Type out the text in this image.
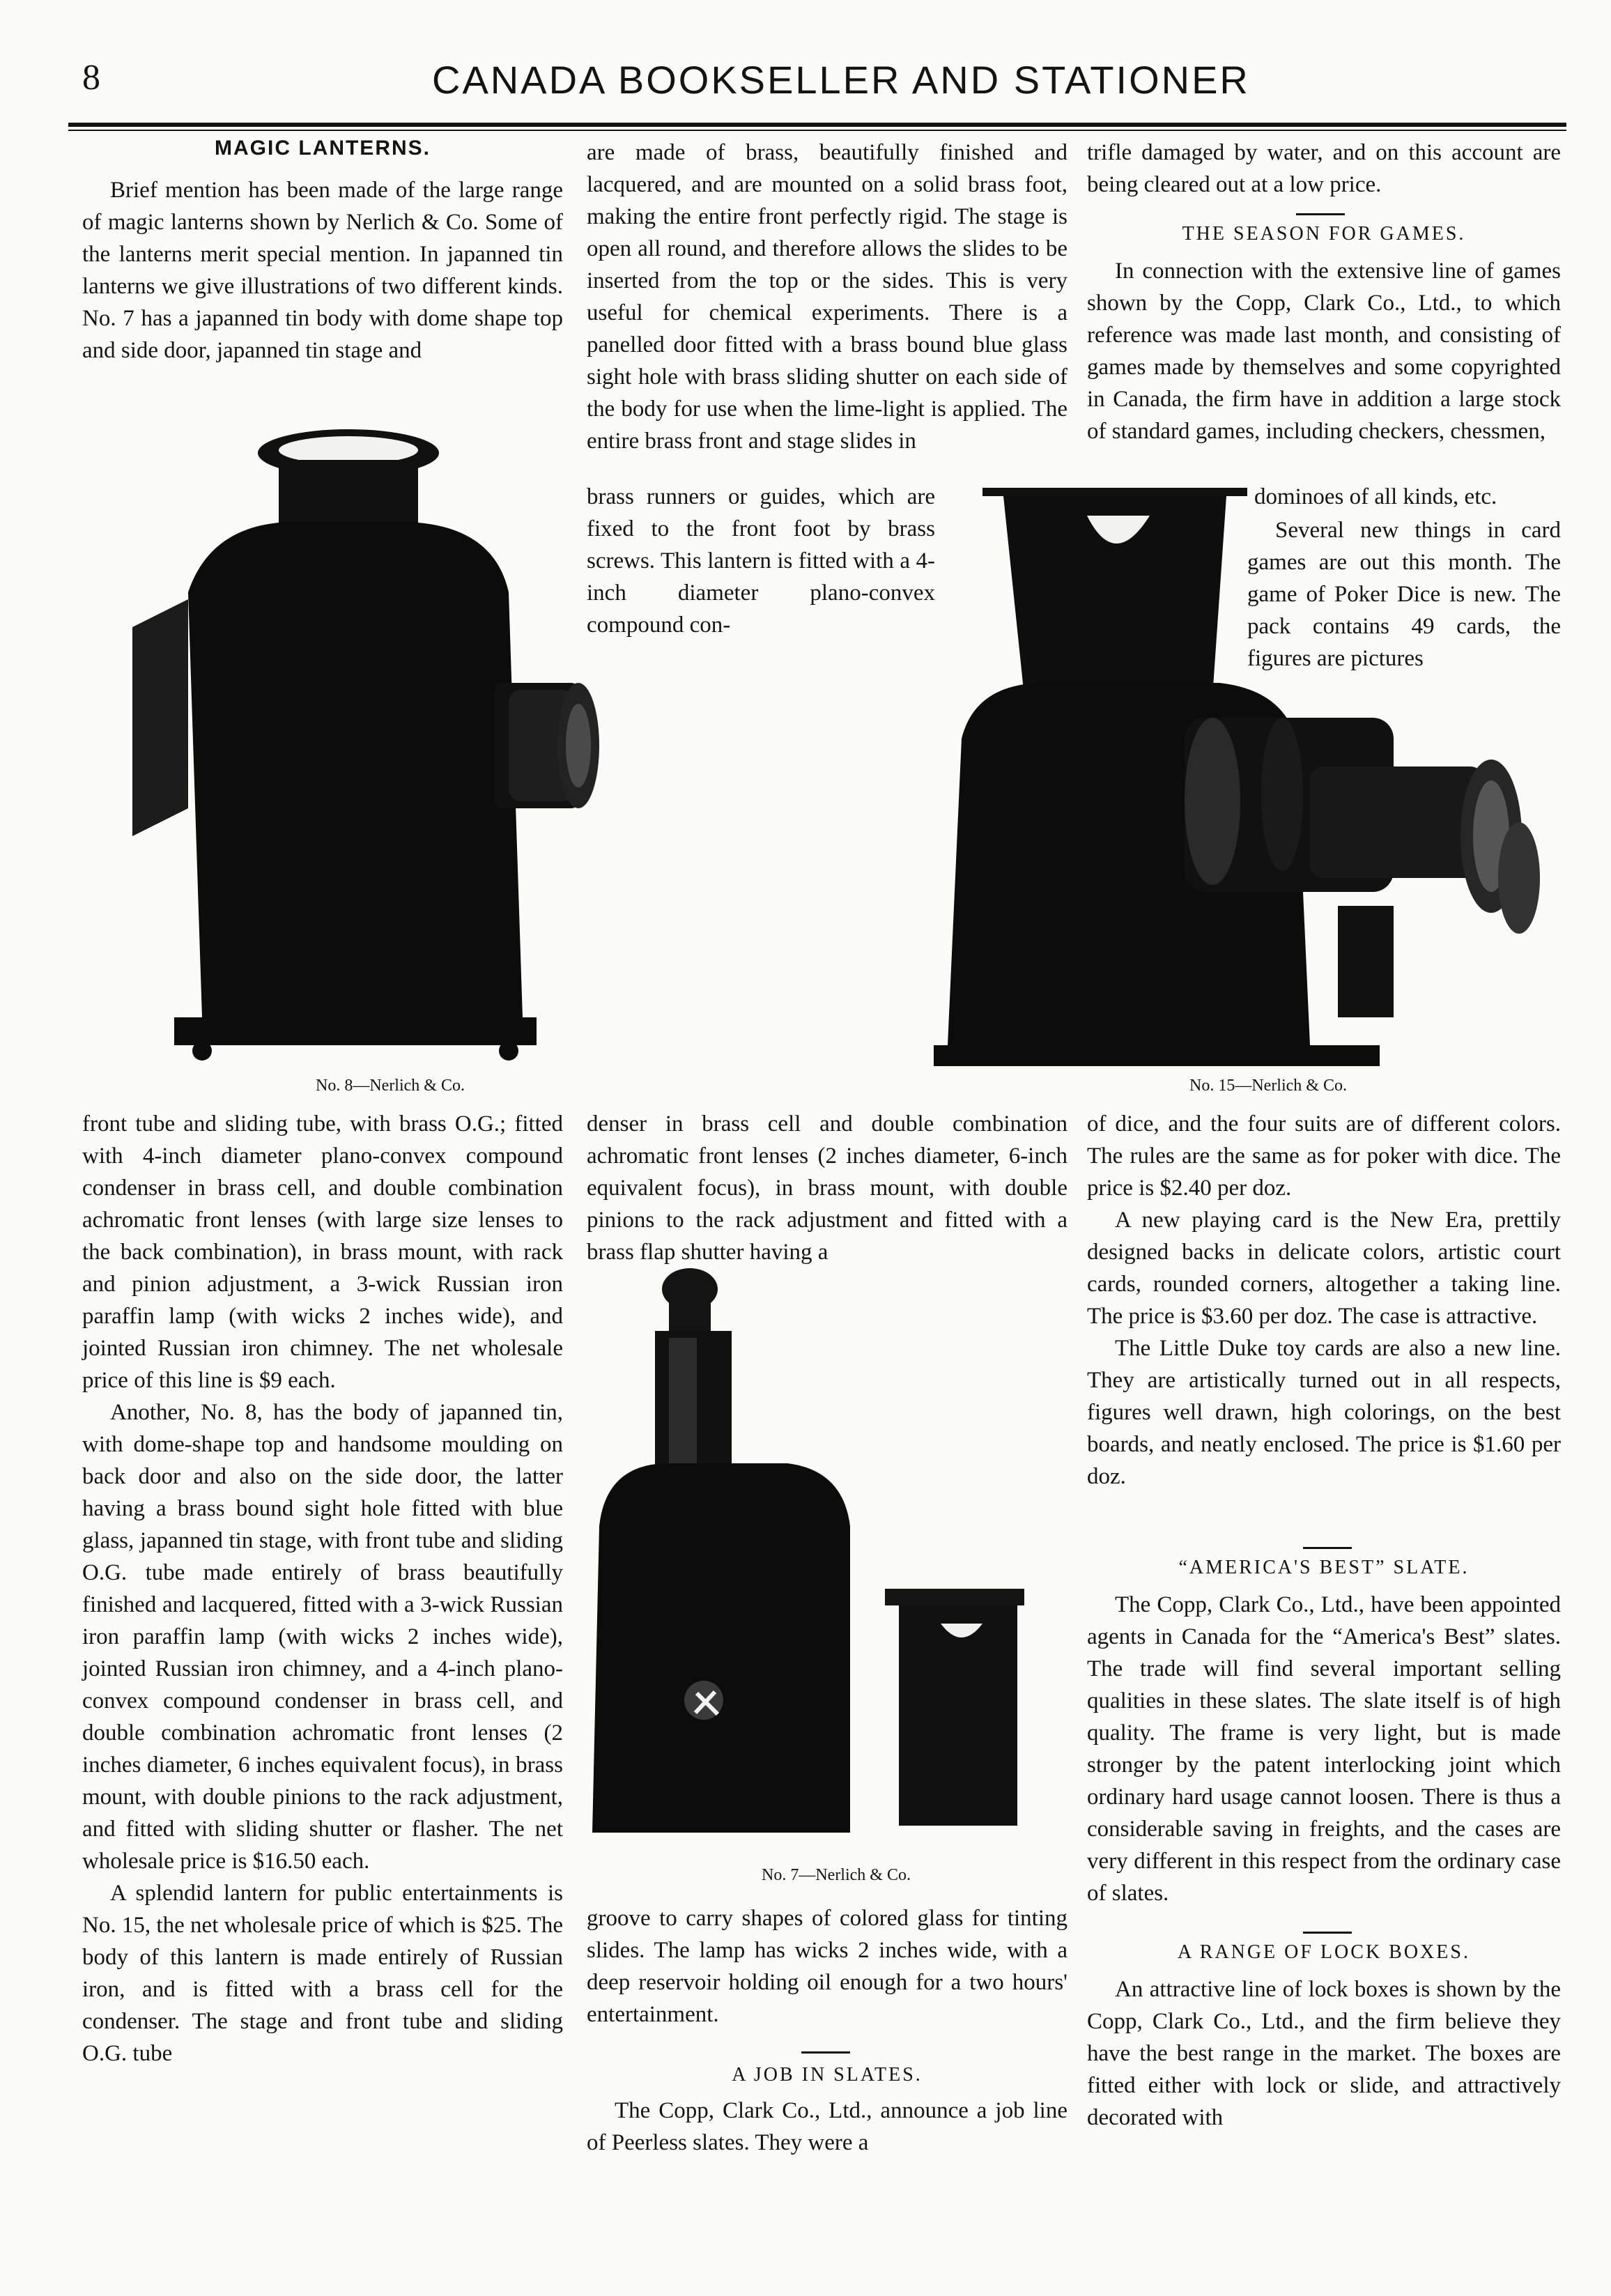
8	CANADA BOOKSELLER AND STATIONER
MAGIC LANTERNS.

Brief mention has been made of the large range of magic lanterns shown by Nerlich & Co. Some of the lanterns merit special mention. In japanned tin lanterns we give illustrations of two different kinds. No. 7 has a japanned tin body with dome shape top and side door, japanned tin stage and

are made of brass, beautifully finished and lacquered, and are mounted on a solid brass foot, making the entire front perfectly rigid. The stage is open all round, and therefore allows the slides to be inserted from the top or the sides. This is very useful for chemical experiments. There is a panelled door fitted with a brass bound blue glass sight hole with brass sliding shutter on each side of the body for use when the lime-light is applied. The entire brass front and stage slides in

brass runners or guides, which are fixed to the front foot by brass screws. This lantern is fitted with a 4-inch diameter plano-convex compound con-

trifle damaged by water, and on this account are being cleared out at a low price.

THE SEASON FOR GAMES.

In connection with the extensive line of games shown by the Copp, Clark Co., Ltd., to which reference was made last month, and consisting of games made by themselves and some copyrighted in Canada, the firm have in addition a large stock of standard games, including checkers, chessmen,

dominoes of all kinds, etc.

Several new things in card games are out this month. The game of Poker Dice is new. The pack contains 49 cards, the figures are pictures

No. 8—Nerlich & Co.	No. 15—Nerlich & Co.

front tube and sliding tube, with brass O.G.; fitted with 4-inch diameter plano-convex compound condenser in brass cell, and double combination achromatic front lenses (with large size lenses to the back combination), in brass mount, with rack and pinion adjustment, a 3-wick Russian iron paraffin lamp (with wicks 2 inches wide), and jointed Russian iron chimney. The net wholesale price of this line is $9 each.

Another, No. 8, has the body of japanned tin, with dome-shape top and handsome moulding on back door and also on the side door, the latter having a brass bound sight hole fitted with blue glass, japanned tin stage, with front tube and sliding O.G. tube made entirely of brass beautifully finished and lacquered, fitted with a 3-wick Russian iron paraffin lamp (with wicks 2 inches wide), jointed Russian iron chimney, and a 4-inch plano-convex compound condenser in brass cell, and double combination achromatic front lenses (2 inches diameter, 6 inches equivalent focus), in brass mount, with double pinions to the rack adjustment, and fitted with sliding shutter or flasher. The net wholesale price is $16.50 each.

A splendid lantern for public entertainments is No. 15, the net wholesale price of which is $25. The body of this lantern is made entirely of Russian iron, and is fitted with a brass cell for the condenser. The stage and front tube and sliding O.G. tube

denser in brass cell and double combination achromatic front lenses (2 inches diameter, 6-inch equivalent focus), in brass mount, with double pinions to the rack adjustment and fitted with a brass flap shutter having a

No. 7—Nerlich & Co.

groove to carry shapes of colored glass for tinting slides. The lamp has wicks 2 inches wide, with a deep reservoir holding oil enough for a two hours' entertainment.

A JOB IN SLATES.

The Copp, Clark Co., Ltd., announce a job line of Peerless slates. They were a

of dice, and the four suits are of different colors. The rules are the same as for poker with dice. The price is $2.40 per doz.

A new playing card is the New Era, prettily designed backs in delicate colors, artistic court cards, rounded corners, altogether a taking line. The price is $3.60 per doz. The case is attractive.

The Little Duke toy cards are also a new line. They are artistically turned out in all respects, figures well drawn, high colorings, on the best boards, and neatly enclosed. The price is $1.60 per doz.

“AMERICA'S BEST” SLATE.

The Copp, Clark Co., Ltd., have been appointed agents in Canada for the “America's Best” slates. The trade will find several important selling qualities in these slates. The slate itself is of high quality. The frame is very light, but is made stronger by the patent interlocking joint which ordinary hard usage cannot loosen. There is thus a considerable saving in freights, and the cases are very different in this respect from the ordinary case of slates.

A RANGE OF LOCK BOXES.

An attractive line of lock boxes is shown by the Copp, Clark Co., Ltd., and the firm believe they have the best range in the market. The boxes are fitted either with lock or slide, and attractively decorated with
